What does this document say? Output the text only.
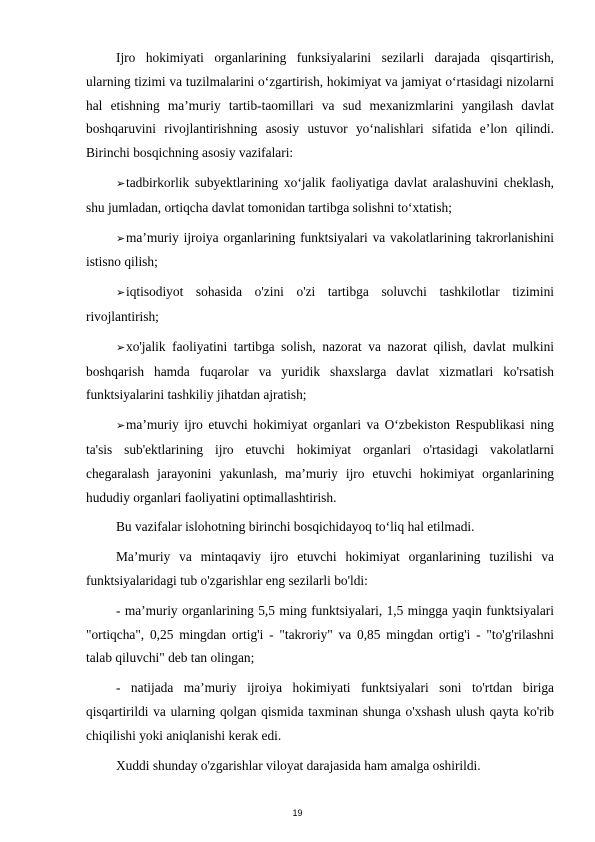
Ijro hokimiyati organlarining funksiyalarini sezilarli darajada qisqartirish, ularning tizimi va tuzilmalarini o‘zgartirish, hokimiyat va jamiyat o‘rtasidagi nizolarni hal etishning ma’muriy tartib-taomillari va sud mexanizmlarini yangilash davlat boshqaruvini rivojlantirishning asosiy ustuvor yo‘nalishlari sifatida e’lon qilindi. Birinchi bosqichning asosiy vazifalari:

➢tadbirkorlik subyektlarining xo‘jalik faoliyatiga davlat aralashuvini cheklash, shu jumladan, ortiqcha davlat tomonidan tartibga solishni to‘xtatish;

➢ma’muriy ijroiya organlarining funktsiyalari va vakolatlarining takrorlanishini istisno qilish;

➢iqtisodiyot sohasida o'zini o'zi tartibga soluvchi tashkilotlar tizimini rivojlantirish;

➢xo'jalik faoliyatini tartibga solish, nazorat va nazorat qilish, davlat mulkini boshqarish hamda fuqarolar va yuridik shaxslarga davlat xizmatlari ko'rsatish funktsiyalarini tashkiliy jihatdan ajratish;

➢ma’muriy ijro etuvchi hokimiyat organlari va O‘zbekiston Respublikasi ning ta'sis sub'ektlarining ijro etuvchi hokimiyat organlari o'rtasidagi vakolatlarni chegaralash jarayonini yakunlash, ma’muriy ijro etuvchi hokimiyat organlarining hududiy organlari faoliyatini optimallashtirish.

Bu vazifalar islohotning birinchi bosqichidayoq to‘liq hal etilmadi.

Ma’muriy va mintaqaviy ijro etuvchi hokimiyat organlarining tuzilishi va funktsiyalaridagi tub o'zgarishlar eng sezilarli bo'ldi:

- ma’muriy organlarining 5,5 ming funktsiyalari, 1,5 mingga yaqin funktsiyalari "ortiqcha", 0,25 mingdan ortig'i - "takroriy" va 0,85 mingdan ortig'i - "to'g'rilashni talab qiluvchi" deb tan olingan;

- natijada ma’muriy ijroiya hokimiyati funktsiyalari soni to'rtdan biriga qisqartirildi va ularning qolgan qismida taxminan shunga o'xshash ulush qayta ko'rib chiqilishi yoki aniqlanishi kerak edi.

Xuddi shunday o'zgarishlar viloyat darajasida ham amalga oshirildi.

19
